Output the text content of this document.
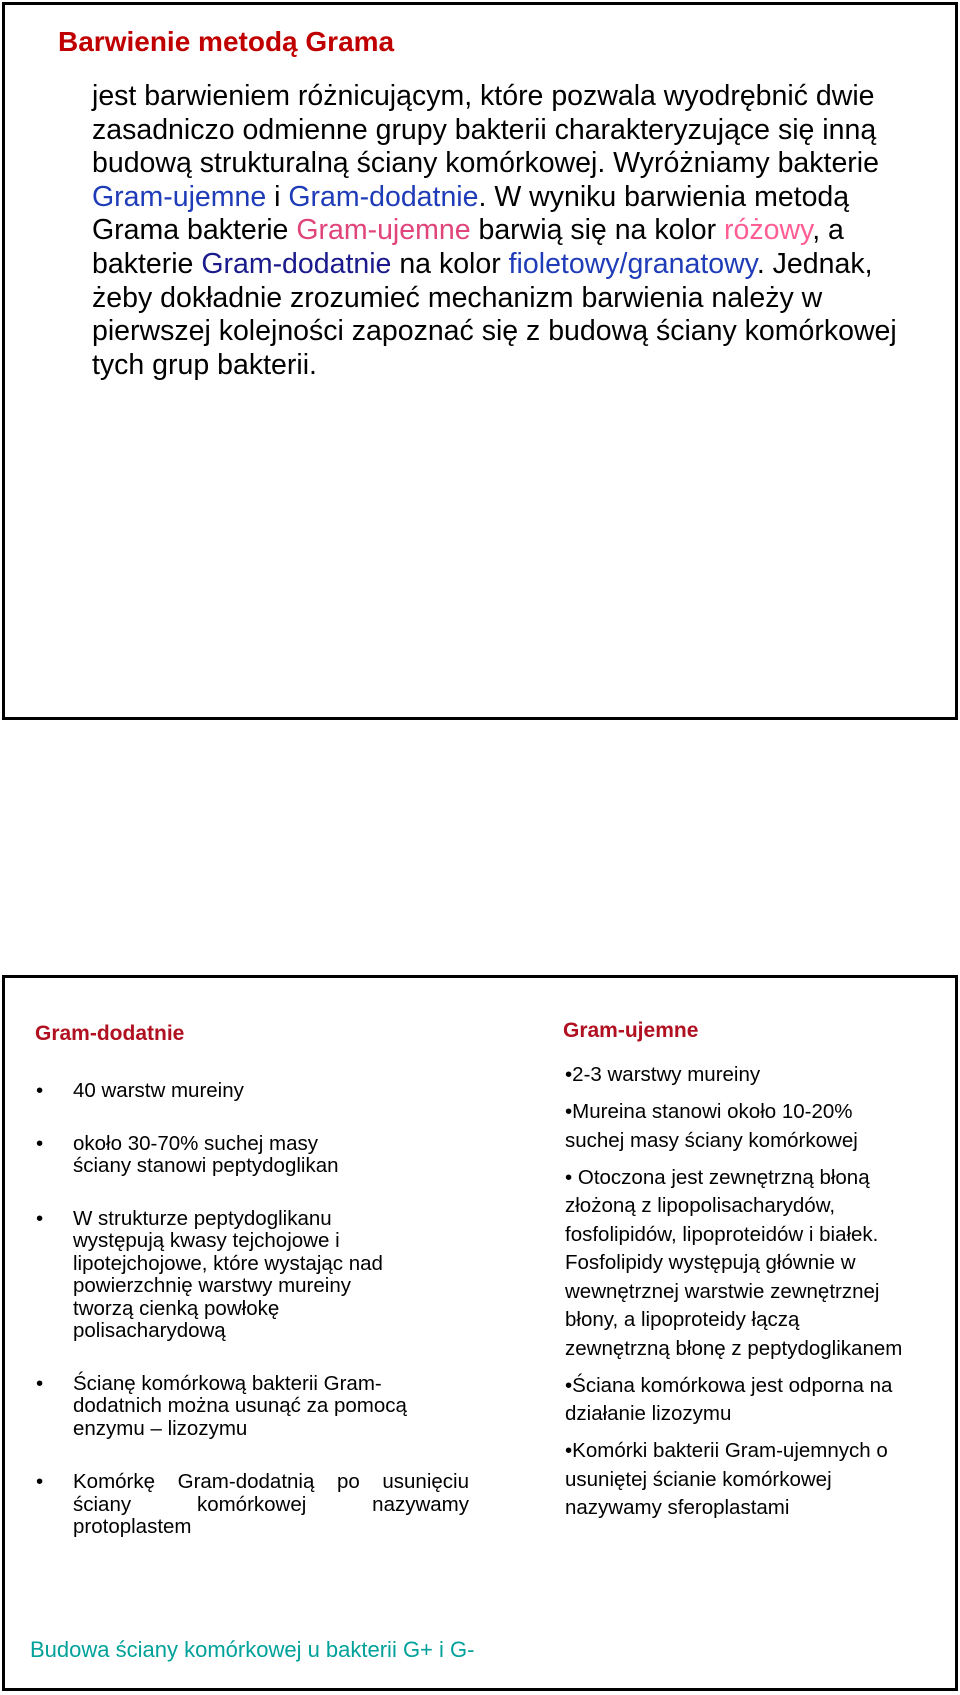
Barwienie metodą Grama

jest barwieniem różnicującym, które pozwala wyodrębnić dwie zasadniczo odmienne grupy bakterii charakteryzujące się inną budową strukturalną ściany komórkowej. Wyróżniamy bakterie Gram-ujemne i Gram-dodatnie. W wyniku barwienia metodą Grama bakterie Gram-ujemne barwią się na kolor różowy, a bakterie Gram-dodatnie na kolor fioletowy/granatowy. Jednak, żeby dokładnie zrozumieć mechanizm barwienia należy w pierwszej kolejności zapoznać się z budową ściany komórkowej tych grup bakterii.

Gram-dodatnie
• 40 warstw mureiny
• około 30-70% suchej masy ściany stanowi peptydoglikan
• W strukturze peptydoglikanu występują kwasy tejchojowe i lipotejchojowe, które wystając nad powierzchnię warstwy mureiny tworzą cienką powłokę polisacharydową
• Ścianę komórkową bakterii Gram-dodatnich można usunąć za pomocą enzymu – lizozymu
• Komórkę Gram-dodatnią po usunięciu ściany komórkowej nazywamy protoplastem
Gram-ujemne
•2-3 warstwy mureiny
•Mureina stanowi około 10-20% suchej masy ściany komórkowej
• Otoczona jest zewnętrzną błoną złożoną z lipopolisacharydów, fosfolipidów, lipoproteidów i białek. Fosfolipidy występują głównie w wewnętrznej warstwie zewnętrznej błony, a lipoproteidy łączą zewnętrzną błonę z peptydoglikanem
•Ściana komórkowa jest odporna na działanie lizozymu
•Komórki bakterii Gram-ujemnych o usuniętej ścianie komórkowej nazywamy sferoplastami

Budowa ściany komórkowej u bakterii G+ i G-
